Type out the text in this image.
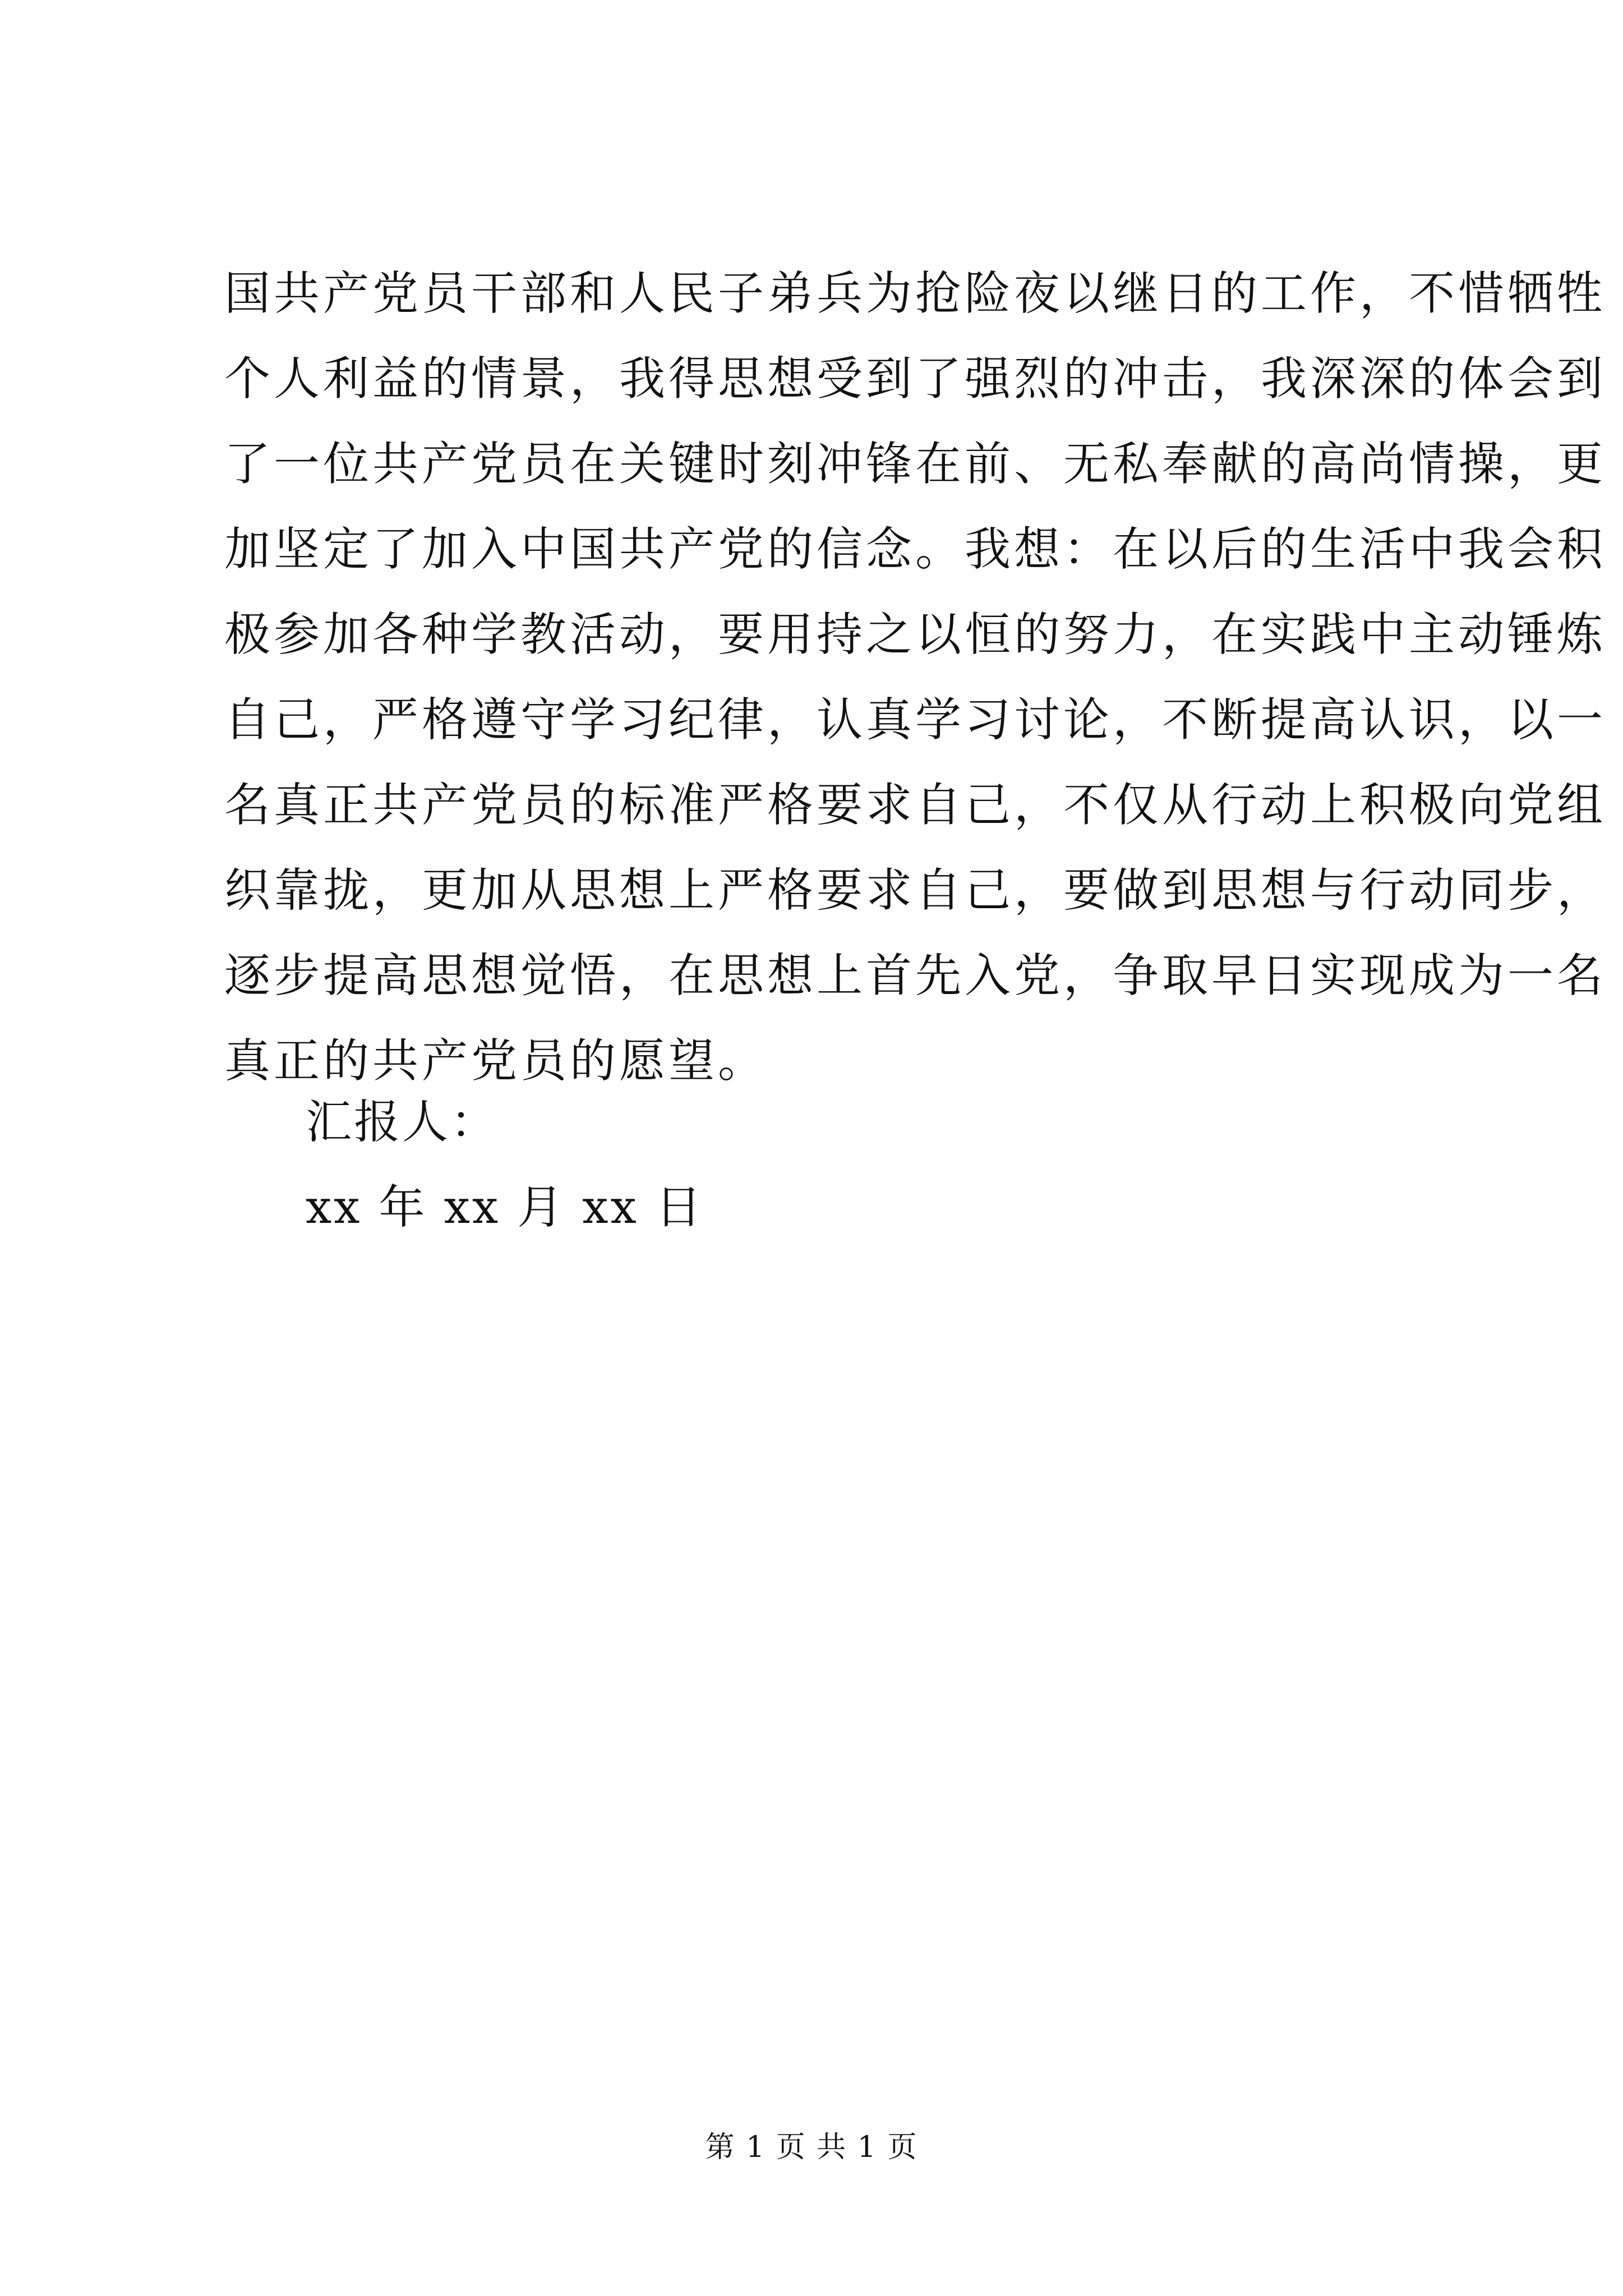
国共产党员干部和人民子弟兵为抢险夜以继日的工作，不惜牺牲
个人利益的情景，我得思想受到了强烈的冲击，我深深的体会到
了一位共产党员在关键时刻冲锋在前、无私奉献的高尚情操，更
加坚定了加入中国共产党的信念。我想：在以后的生活中我会积
极参加各种学教活动，要用持之以恒的努力，在实践中主动锤炼
自己，严格遵守学习纪律，认真学习讨论，不断提高认识，以一
名真正共产党员的标准严格要求自己，不仅从行动上积极向党组
织靠拢，更加从思想上严格要求自己，要做到思想与行动同步，
逐步提高思想觉悟，在思想上首先入党，争取早日实现成为一名
真正的共产党员的愿望。
汇报人：
xx 年 xx 月 xx 日
第 1 页 共 1 页
